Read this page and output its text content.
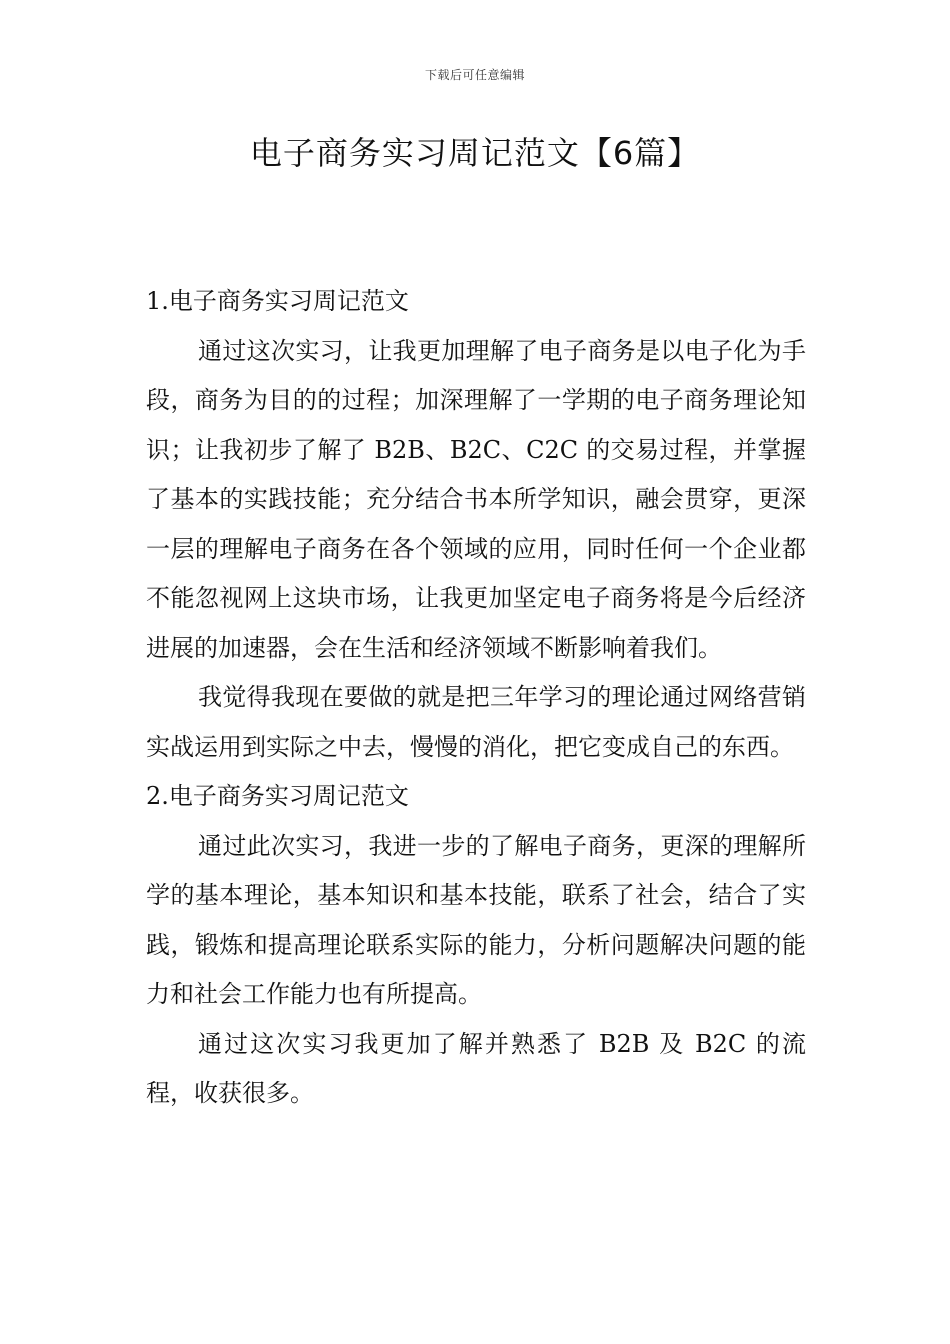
下载后可任意编辑
电子商务实习周记范文【6篇】

1.电子商务实习周记范文

通过这次实习，让我更加理解了电子商务是以电子化为手段，商务为目的的过程；加深理解了一学期的电子商务理论知识；让我初步了解了 B2B、B2C、C2C 的交易过程，并掌握了基本的实践技能；充分结合书本所学知识，融会贯穿，更深一层的理解电子商务在各个领域的应用，同时任何一个企业都不能忽视网上这块市场，让我更加坚定电子商务将是今后经济进展的加速器，会在生活和经济领域不断影响着我们。

我觉得我现在要做的就是把三年学习的理论通过网络营销实战运用到实际之中去，慢慢的消化，把它变成自己的东西。

2.电子商务实习周记范文

通过此次实习，我进一步的了解电子商务，更深的理解所学的基本理论，基本知识和基本技能，联系了社会，结合了实践，锻炼和提高理论联系实际的能力，分析问题解决问题的能力和社会工作能力也有所提高。

通过这次实习我更加了解并熟悉了 B2B 及 B2C 的流程，收获很多。
